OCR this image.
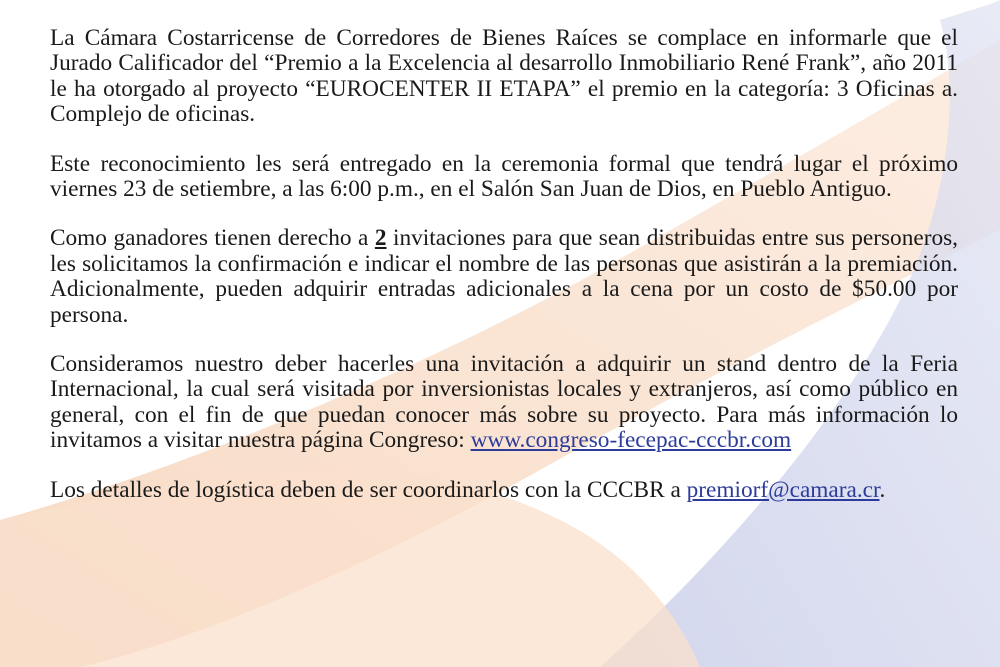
La Cámara Costarricense de Corredores de Bienes Raíces se complace en informarle que el Jurado Calificador del “Premio a la Excelencia al desarrollo Inmobiliario René Frank”, año 2011 le ha otorgado al proyecto “EUROCENTER II ETAPA” el premio en la categoría: 3 Oficinas a. Complejo de oficinas.

Este reconocimiento les será entregado en la ceremonia formal que tendrá lugar el próximo viernes 23 de setiembre, a las 6:00 p.m., en el Salón San Juan de Dios, en Pueblo Antiguo.

Como ganadores tienen derecho a 2 invitaciones para que sean distribuidas entre sus personeros, les solicitamos la confirmación e indicar el nombre de las personas que asistirán a la premiación. Adicionalmente, pueden adquirir entradas adicionales a la cena por un costo de $50.00 por persona.

Consideramos nuestro deber hacerles una invitación a adquirir un stand dentro de la Feria Internacional, la cual será visitada por inversionistas locales y extranjeros, así como público en general, con el fin de que puedan conocer más sobre su proyecto. Para más información lo invitamos a visitar nuestra página Congreso: www.congreso-fecepac-cccbr.com

Los detalles de logística deben de ser coordinarlos con la CCCBR a premiorf@camara.cr.
